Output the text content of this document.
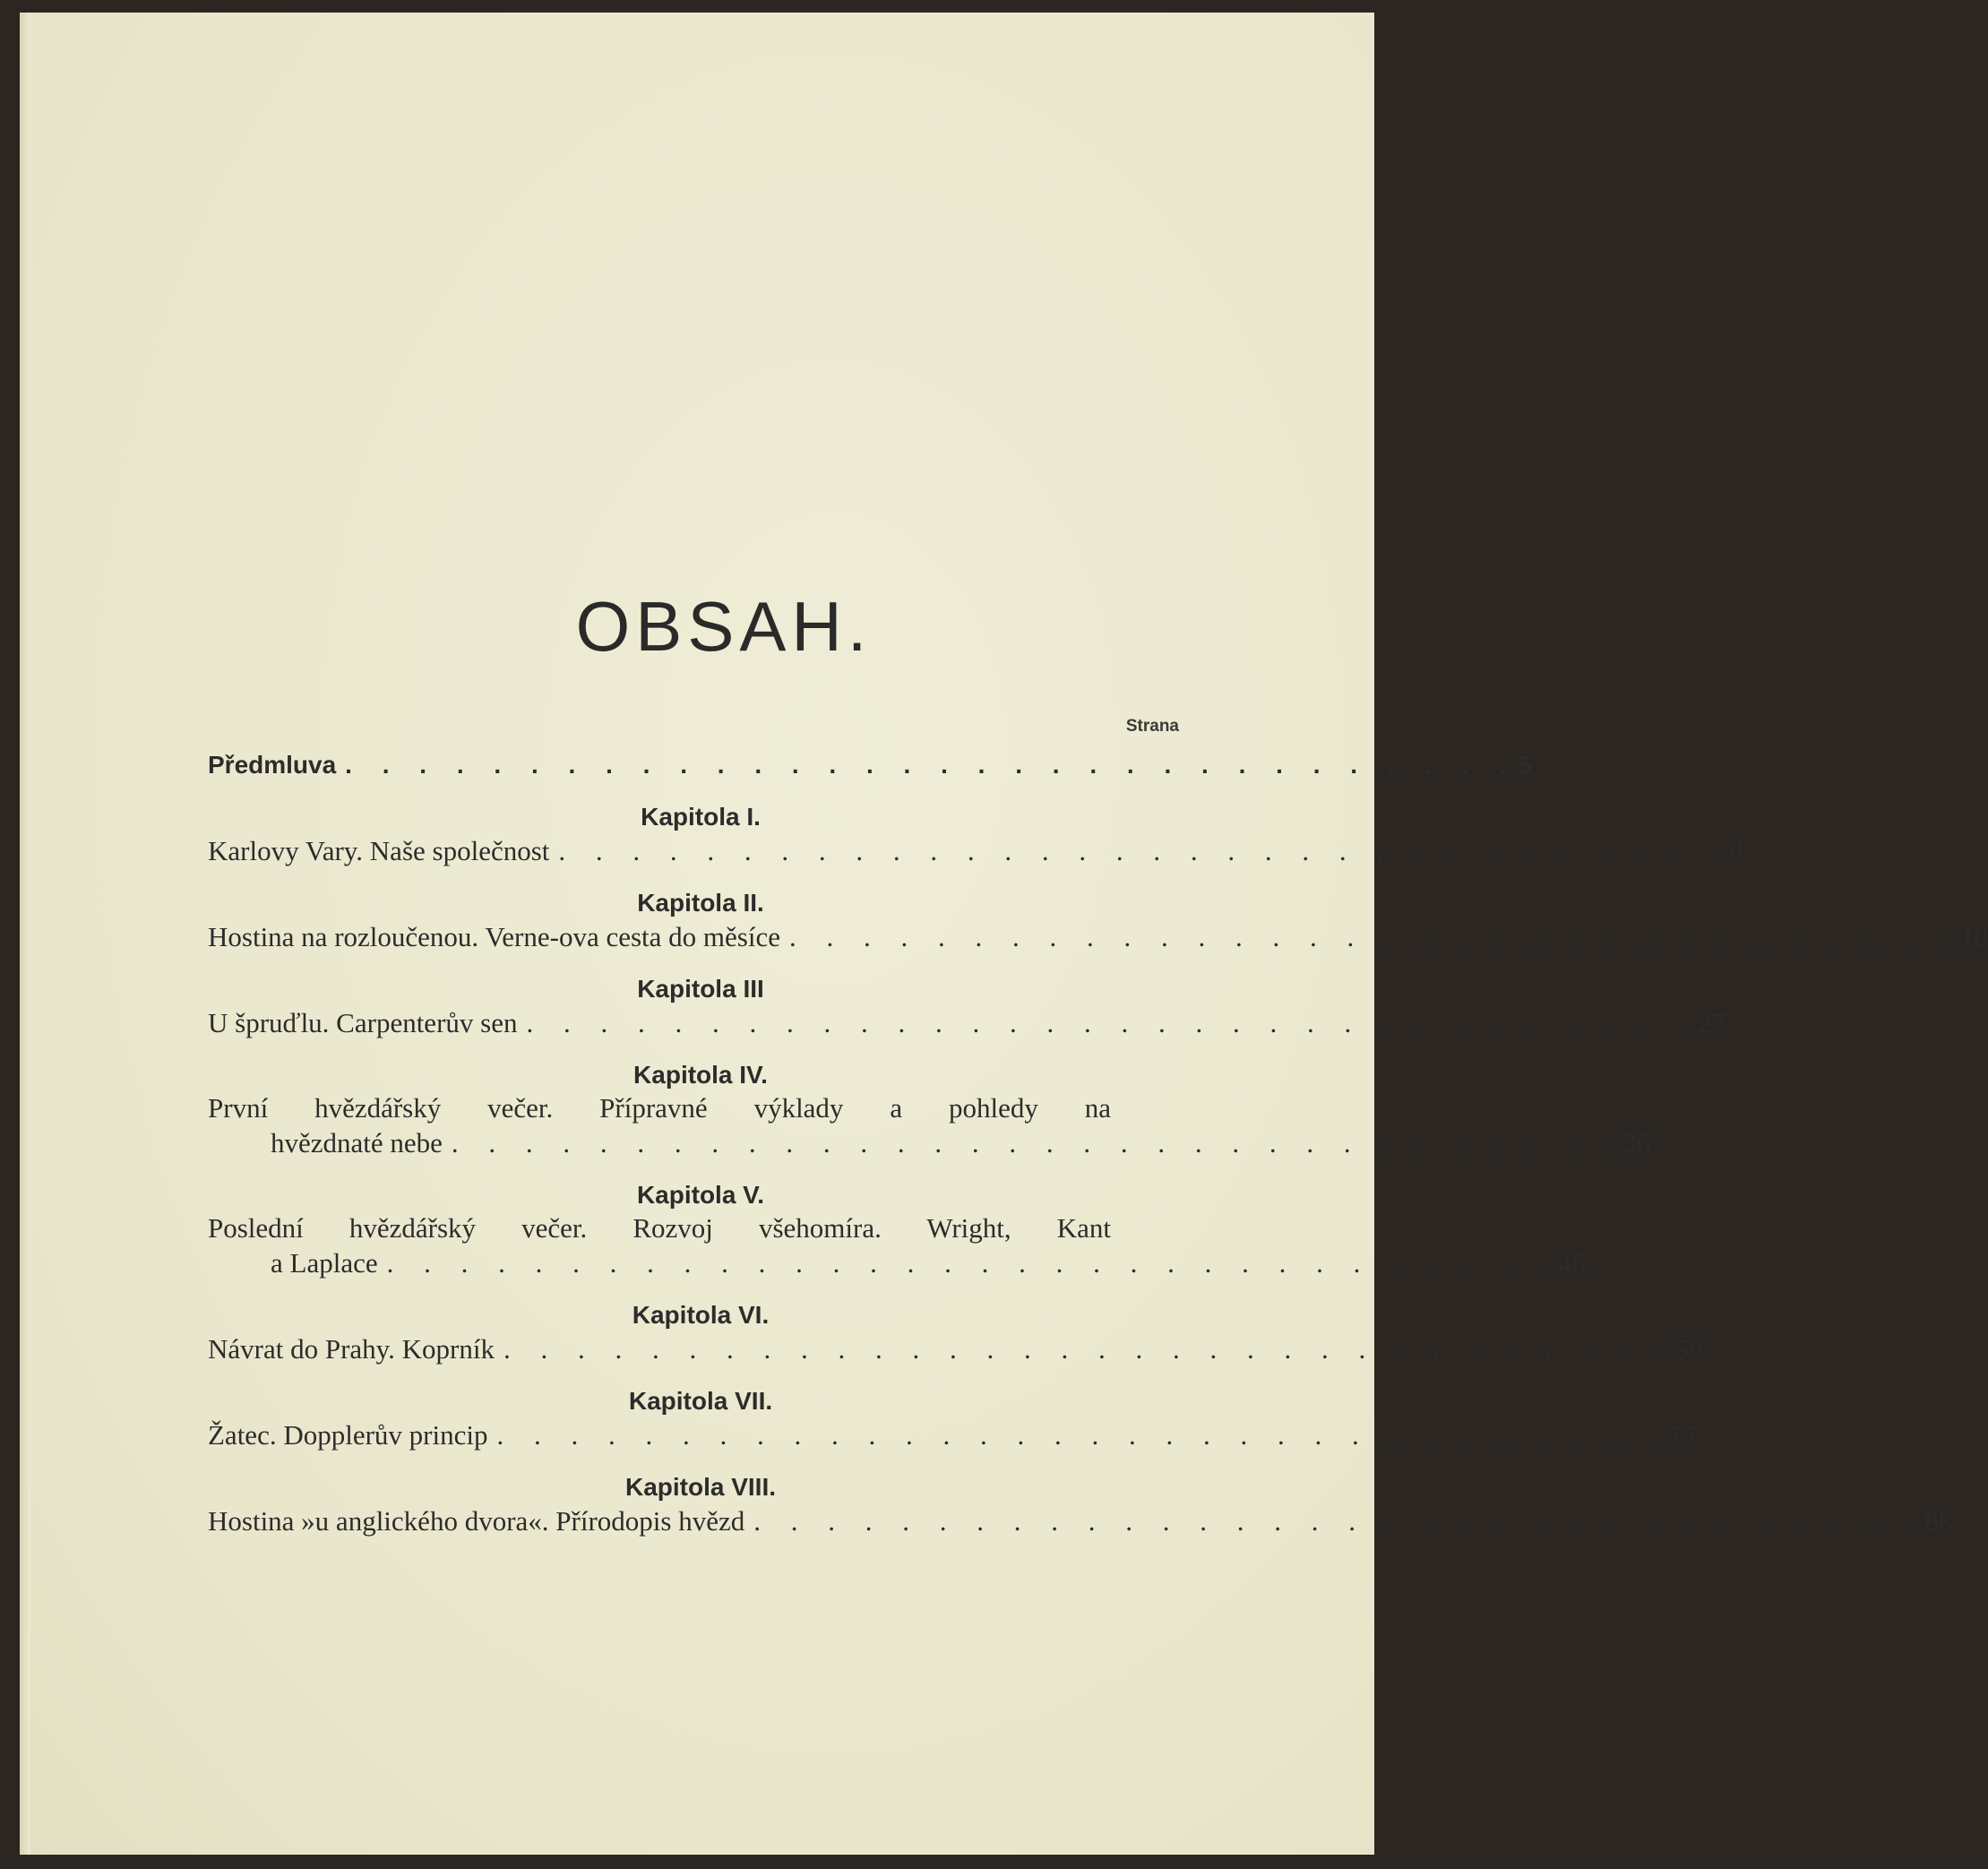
OBSAH.
Strana
Předmluva . . . . . . . . . . . . . . . . . . . . . . . . . . . . . . . . 5
Kapitola I.
Karlovy Vary. Naše společnost . . . . . . . . . . . . . . . . . . . . . . . . . . . . . . . . 8
Kapitola II.
Hostina na rozloučenou. Verne-ova cesta do měsíce . . . . . . . . . . . . . . . . . . . . . . . . . . . . . . . . 18
Kapitola III
U špruďlu. Carpenterův sen . . . . . . . . . . . . . . . . . . . . . . . . . . . . . . . . 27
Kapitola IV.
První hvězdářský večer. Přípravné výklady a pohledy na
hvězdnaté nebe . . . . . . . . . . . . . . . . . . . . . . . . . . . . . . . . 36
Kapitola V.
Poslední hvězdářský večer. Rozvoj všehomíra. Wright, Kant
a Laplace . . . . . . . . . . . . . . . . . . . . . . . . . . . . . . . . 46
Kapitola VI.
Návrat do Prahy. Koprník . . . . . . . . . . . . . . . . . . . . . . . . . . . . . . . . 59
Kapitola VII.
Žatec. Dopplerův princip . . . . . . . . . . . . . . . . . . . . . . . . . . . . . . . . 75
Kapitola VIII.
Hostina »u anglického dvora«. Přírodopis hvězd . . . . . . . . . . . . . . . . . . . . . . . . . . . . . . . . 88
